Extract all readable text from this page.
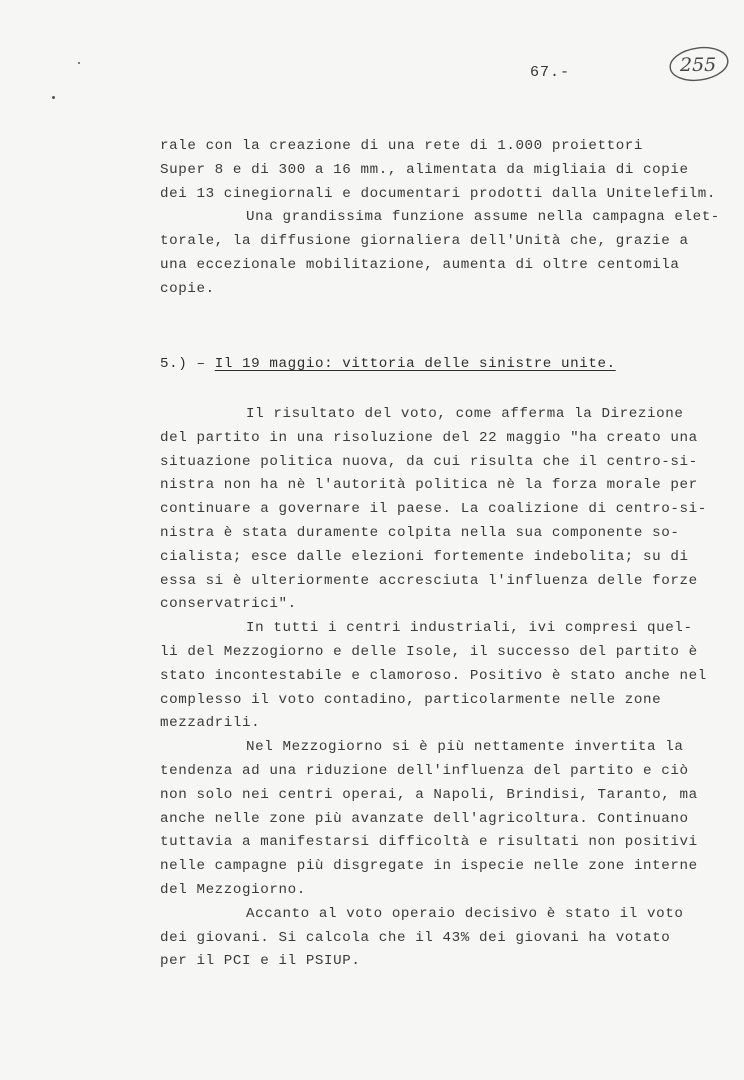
67.-	255
rale con la creazione di una rete di 1.000 proiettori
Super 8 e di 300 a 16 mm., alimentata da migliaia di copie
dei 13 cinegiornali e documentari prodotti dalla Unitelefilm.
Una grandissima funzione assume nella campagna elet-
torale, la diffusione giornaliera dell'Unità che, grazie a
una eccezionale mobilitazione, aumenta di oltre centomila
copie.
5.) – Il 19 maggio: vittoria delle sinistre unite.
Il risultato del voto, come afferma la Direzione
del partito in una risoluzione del 22 maggio "ha creato una
situazione politica nuova, da cui risulta che il centro-si-
nistra non ha nè l'autorità politica nè la forza morale per
continuare a governare il paese. La coalizione di centro-si-
nistra è stata duramente colpita nella sua componente so-
cialista; esce dalle elezioni fortemente indebolita; su di
essa si è ulteriormente accresciuta l'influenza delle forze
conservatrici".
In tutti i centri industriali, ivi compresi quel-
li del Mezzogiorno e delle Isole, il successo del partito è
stato incontestabile e clamoroso. Positivo è stato anche nel
complesso il voto contadino, particolarmente nelle zone
mezzadrili.
Nel Mezzogiorno si è più nettamente invertita la
tendenza ad una riduzione dell'influenza del partito e ciò
non solo nei centri operai, a Napoli, Brindisi, Taranto, ma
anche nelle zone più avanzate dell'agricoltura. Continuano
tuttavia a manifestarsi difficoltà e risultati non positivi
nelle campagne più disgregate in ispecie nelle zone interne
del Mezzogiorno.
Accanto al voto operaio decisivo è stato il voto
dei giovani. Si calcola che il 43% dei giovani ha votato
per il PCI e il PSIUP.
